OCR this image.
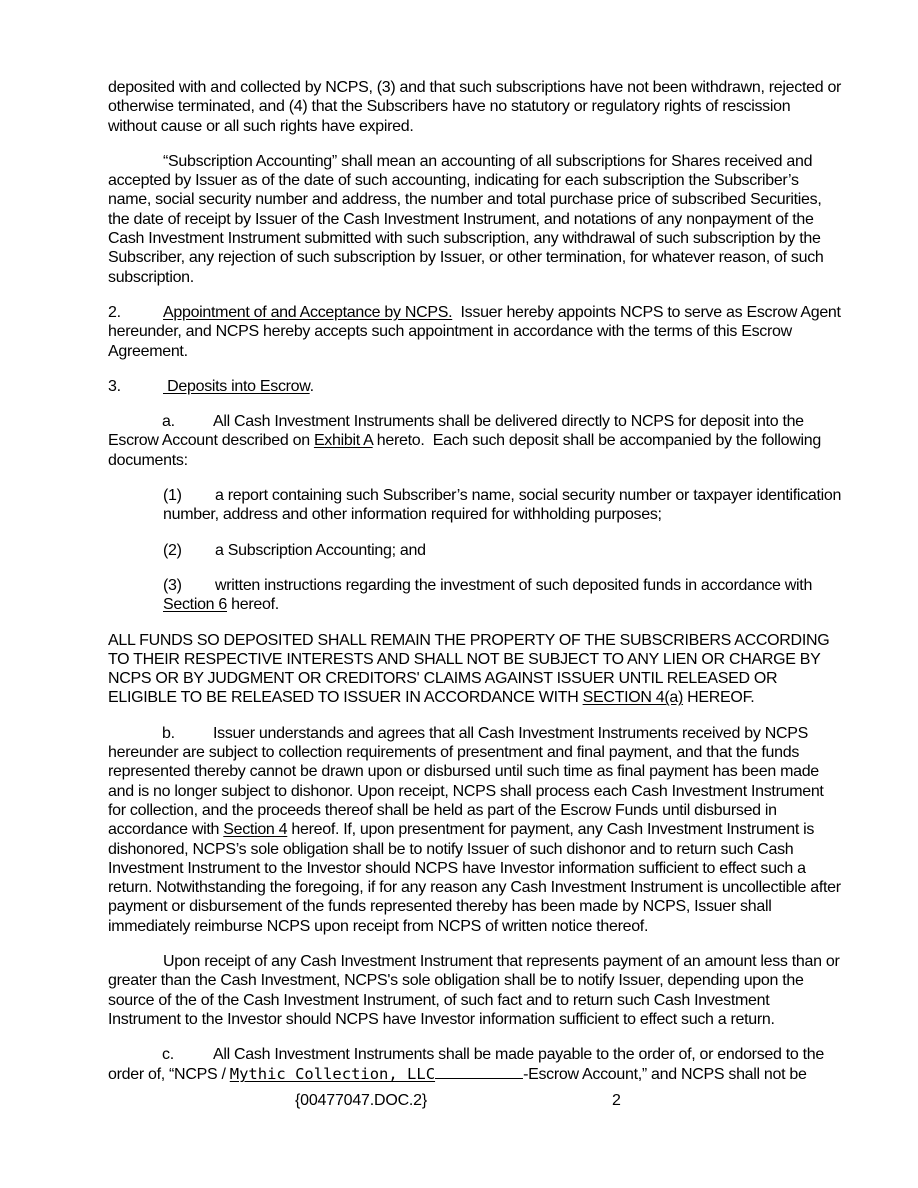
deposited with and collected by NCPS, (3) and that such subscriptions have not been withdrawn, rejected or
otherwise terminated, and (4) that the Subscribers have no statutory or regulatory rights of rescission
without cause or all such rights have expired.
“Subscription Accounting” shall mean an accounting of all subscriptions for Shares received and
accepted by Issuer as of the date of such accounting, indicating for each subscription the Subscriber’s
name, social security number and address, the number and total purchase price of subscribed Securities,
the date of receipt by Issuer of the Cash Investment Instrument, and notations of any nonpayment of the
Cash Investment Instrument submitted with such subscription, any withdrawal of such subscription by the
Subscriber, any rejection of such subscription by Issuer, or other termination, for whatever reason, of such
subscription.
2.	Appointment of and Acceptance by NCPS.  Issuer hereby appoints NCPS to serve as Escrow Agent
hereunder, and NCPS hereby accepts such appointment in accordance with the terms of this Escrow
Agreement.
3.	Deposits into Escrow.
a. All Cash Investment Instruments shall be delivered directly to NCPS for deposit into the
Escrow Account described on Exhibit A hereto.  Each such deposit shall be accompanied by the following
documents:
(1) a report containing such Subscriber’s name, social security number or taxpayer identification
number, address and other information required for withholding purposes;
(2) a Subscription Accounting; and
(3) written instructions regarding the investment of such deposited funds in accordance with
Section 6 hereof.
ALL FUNDS SO DEPOSITED SHALL REMAIN THE PROPERTY OF THE SUBSCRIBERS ACCORDING
TO THEIR RESPECTIVE INTERESTS AND SHALL NOT BE SUBJECT TO ANY LIEN OR CHARGE BY
NCPS OR BY JUDGMENT OR CREDITORS' CLAIMS AGAINST ISSUER UNTIL RELEASED OR
ELIGIBLE TO BE RELEASED TO ISSUER IN ACCORDANCE WITH SECTION 4(a) HEREOF.
b. Issuer understands and agrees that all Cash Investment Instruments received by NCPS
hereunder are subject to collection requirements of presentment and final payment, and that the funds
represented thereby cannot be drawn upon or disbursed until such time as final payment has been made
and is no longer subject to dishonor. Upon receipt, NCPS shall process each Cash Investment Instrument
for collection, and the proceeds thereof shall be held as part of the Escrow Funds until disbursed in
accordance with Section 4 hereof. If, upon presentment for payment, any Cash Investment Instrument is
dishonored, NCPS’s sole obligation shall be to notify Issuer of such dishonor and to return such Cash
Investment Instrument to the Investor should NCPS have Investor information sufficient to effect such a
return. Notwithstanding the foregoing, if for any reason any Cash Investment Instrument is uncollectible after
payment or disbursement of the funds represented thereby has been made by NCPS, Issuer shall
immediately reimburse NCPS upon receipt from NCPS of written notice thereof.
Upon receipt of any Cash Investment Instrument that represents payment of an amount less than or
greater than the Cash Investment, NCPS's sole obligation shall be to notify Issuer, depending upon the
source of the of the Cash Investment Instrument, of such fact and to return such Cash Investment
Instrument to the Investor should NCPS have Investor information sufficient to effect such a return.
c. All Cash Investment Instruments shall be made payable to the order of, or endorsed to the
order of, “NCPS / Mythic Collection, LLC	-Escrow Account,” and NCPS shall not be
{00477047.DOC.2}	2
